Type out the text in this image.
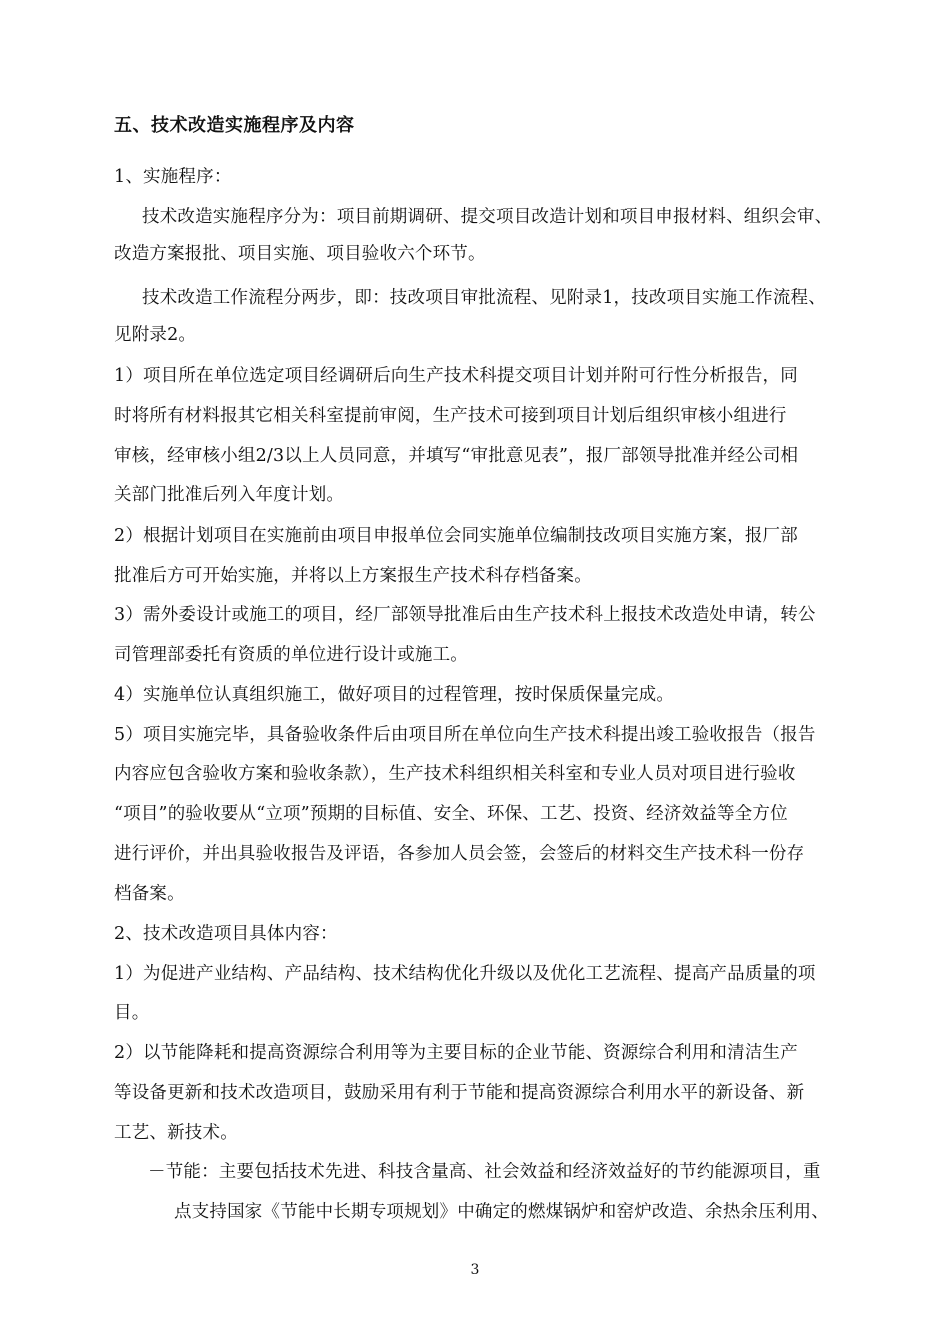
五、技术改造实施程序及内容
1、实施程序：
技术改造实施程序分为：项目前期调研、提交项目改造计划和项目申报材料、组织会审、
改造方案报批、项目实施、项目验收六个环节。
技术改造工作流程分两步，即：技改项目审批流程、见附录1，技改项目实施工作流程、
见附录2。
1）项目所在单位选定项目经调研后向生产技术科提交项目计划并附可行性分析报告，同
时将所有材料报其它相关科室提前审阅，生产技术可接到项目计划后组织审核小组进行
审核，经审核小组2/3以上人员同意，并填写“审批意见表”，报厂部领导批准并经公司相
关部门批准后列入年度计划。
2）根据计划项目在实施前由项目申报单位会同实施单位编制技改项目实施方案，报厂部
批准后方可开始实施，并将以上方案报生产技术科存档备案。
3）需外委设计或施工的项目，经厂部领导批准后由生产技术科上报技术改造处申请，转公
司管理部委托有资质的单位进行设计或施工。
4）实施单位认真组织施工，做好项目的过程管理，按时保质保量完成。
5）项目实施完毕，具备验收条件后由项目所在单位向生产技术科提出竣工验收报告（报告
内容应包含验收方案和验收条款），生产技术科组织相关科室和专业人员对项目进行验收
“项目”的验收要从“立项”预期的目标值、安全、环保、工艺、投资、经济效益等全方位
进行评价，并出具验收报告及评语，各参加人员会签，会签后的材料交生产技术科一份存
档备案。
2、技术改造项目具体内容：
1）为促进产业结构、产品结构、技术结构优化升级以及优化工艺流程、提高产品质量的项
目。
2）以节能降耗和提高资源综合利用等为主要目标的企业节能、资源综合利用和清洁生产
等设备更新和技术改造项目，鼓励采用有利于节能和提高资源综合利用水平的新设备、新
工艺、新技术。
－节能：主要包括技术先进、科技含量高、社会效益和经济效益好的节约能源项目，重
点支持国家《节能中长期专项规划》中确定的燃煤锅炉和窑炉改造、余热余压利用、
3
